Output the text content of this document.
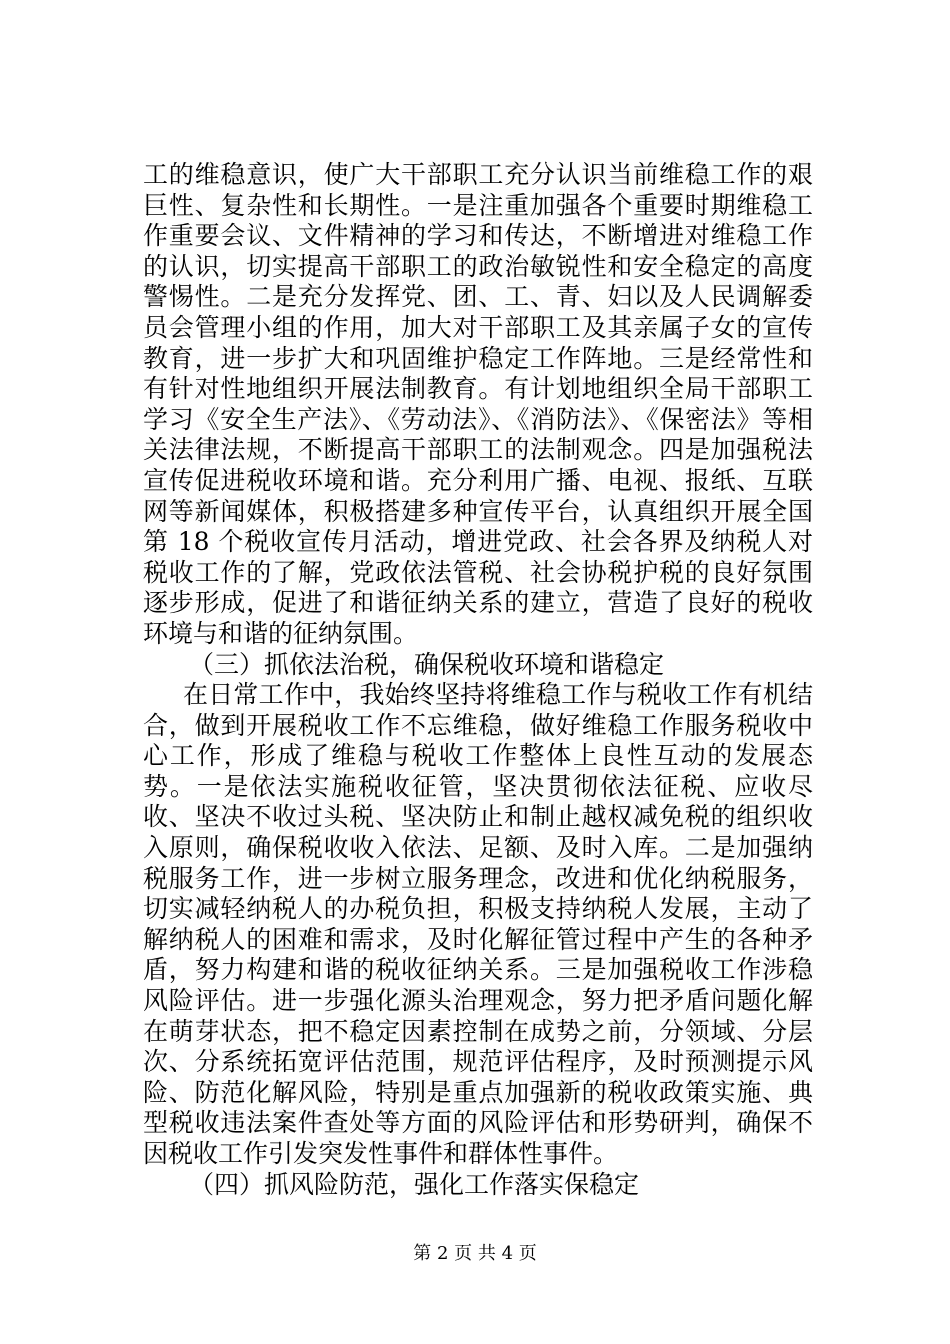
工的维稳意识，使广大干部职工充分认识当前维稳工作的艰巨性、复杂性和长期性。一是注重加强各个重要时期维稳工作重要会议、文件精神的学习和传达，不断增进对维稳工作的认识，切实提高干部职工的政治敏锐性和安全稳定的高度警惕性。二是充分发挥党、团、工、青、妇以及人民调解委员会管理小组的作用，加大对干部职工及其亲属子女的宣传教育，进一步扩大和巩固维护稳定工作阵地。三是经常性和有针对性地组织开展法制教育。有计划地组织全局干部职工学习《安全生产法》、《劳动法》、《消防法》、《保密法》等相关法律法规，不断提高干部职工的法制观念。四是加强税法宣传促进税收环境和谐。充分利用广播、电视、报纸、互联网等新闻媒体，积极搭建多种宣传平台，认真组织开展全国第 18 个税收宣传月活动，增进党政、社会各界及纳税人对税收工作的了解，党政依法管税、社会协税护税的良好氛围逐步形成，促进了和谐征纳关系的建立，营造了良好的税收环境与和谐的征纳氛围。

（三）抓依法治税，确保税收环境和谐稳定

在日常工作中，我始终坚持将维稳工作与税收工作有机结合，做到开展税收工作不忘维稳，做好维稳工作服务税收中心工作，形成了维稳与税收工作整体上良性互动的发展态势。一是依法实施税收征管，坚决贯彻依法征税、应收尽收、坚决不收过头税、坚决防止和制止越权减免税的组织收入原则，确保税收收入依法、足额、及时入库。二是加强纳税服务工作，进一步树立服务理念，改进和优化纳税服务，切实减轻纳税人的办税负担，积极支持纳税人发展，主动了解纳税人的困难和需求，及时化解征管过程中产生的各种矛盾，努力构建和谐的税收征纳关系。三是加强税收工作涉稳风险评估。进一步强化源头治理观念，努力把矛盾问题化解在萌芽状态，把不稳定因素控制在成势之前，分领域、分层次、分系统拓宽评估范围，规范评估程序，及时预测提示风险、防范化解风险，特别是重点加强新的税收政策实施、典型税收违法案件查处等方面的风险评估和形势研判，确保不因税收工作引发突发性事件和群体性事件。

（四）抓风险防范，强化工作落实保稳定

第 2 页 共 4 页
